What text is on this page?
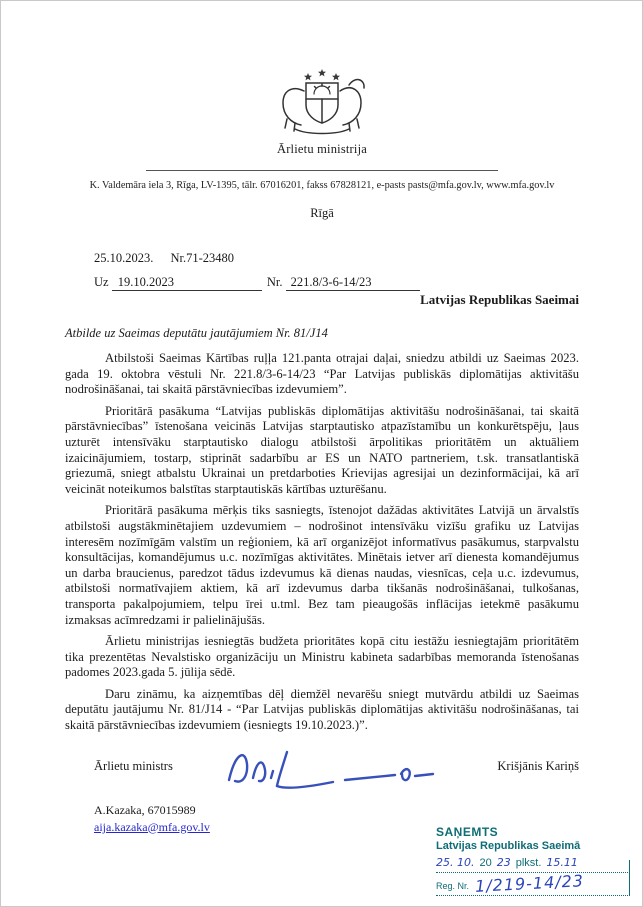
Ārlietu ministrija
K. Valdemāra iela 3, Rīga, LV-1395, tālr. 67016201, fakss 67828121, e-pasts pasts@mfa.gov.lv, www.mfa.gov.lv
Rīgā
25.10.2023. Nr.71-23480
Uz 19.10.2023	Nr. 221.8/3-6-14/23
Latvijas Republikas Saeimai
Atbilde uz Saeimas deputātu jautājumiem Nr. 81/J14

Atbilstoši Saeimas Kārtības ruļļa 121.panta otrajai daļai, sniedzu atbildi uz Saeimas 2023. gada 19. oktobra vēstuli Nr. 221.8/3-6-14/23 “Par Latvijas publiskās diplomātijas aktivitāšu nodrošināšanai, tai skaitā pārstāvniecības izdevumiem”.

Prioritārā pasākuma “Latvijas publiskās diplomātijas aktivitāšu nodrošināšanai, tai skaitā pārstāvniecības” īstenošana veicinās Latvijas starptautisko atpazīstamību un konkurētspēju, ļaus uzturēt intensīvāku starptautisko dialogu atbilstoši ārpolitikas prioritātēm un aktuāliem izaicinājumiem, tostarp, stiprināt sadarbību ar ES un NATO partneriem, t.sk. transatlantiskā griezumā, sniegt atbalstu Ukrainai un pretdarboties Krievijas agresijai un dezinformācijai, kā arī veicināt noteikumos balstītas starptautiskās kārtības uzturēšanu.

Prioritārā pasākuma mērķis tiks sasniegts, īstenojot dažādas aktivitātes Latvijā un ārvalstīs atbilstoši augstākminētajiem uzdevumiem – nodrošinot intensīvāku vizīšu grafiku uz Latvijas interesēm nozīmīgām valstīm un reģioniem, kā arī organizējot informatīvus pasākumus, starpvalstu konsultācijas, komandējumus u.c. nozīmīgas aktivitātes. Minētais ietver arī dienesta komandējumus un darba braucienus, paredzot tādus izdevumus kā dienas naudas, viesnīcas, ceļa u.c. izdevumus, atbilstoši normatīvajiem aktiem, kā arī izdevumus darba tikšanās nodrošināšanai, tulkošanas, transporta pakalpojumiem, telpu īrei u.tml. Bez tam pieaugošās inflācijas ietekmē pasākumu izmaksas acīmredzami ir palielinājušās.

Ārlietu ministrijas iesniegtās budžeta prioritātes kopā citu iestāžu iesniegtajām prioritātēm tika prezentētas Nevalstisko organizāciju un Ministru kabineta sadarbības memoranda īstenošanas padomes 2023.gada 5. jūlija sēdē.

Daru zināmu, ka aizņemtības dēļ diemžēl nevarēšu sniegt mutvārdu atbildi uz Saeimas deputātu jautājumu Nr. 81/J14 - “Par Latvijas publiskās diplomātijas aktivitāšu nodrošināšanas, tai skaitā pārstāvniecības izdevumiem (iesniegts 19.10.2023.)”.

Ārlietu ministrs	Krišjānis Kariņš
A.Kazaka, 67015989
aija.kazaka@mfa.gov.lv	SAŅEMTS
Latvijas Republikas Saeimā
25. 10. 20 23 plkst. 15.11
Reg. Nr. 1/219-14/23
